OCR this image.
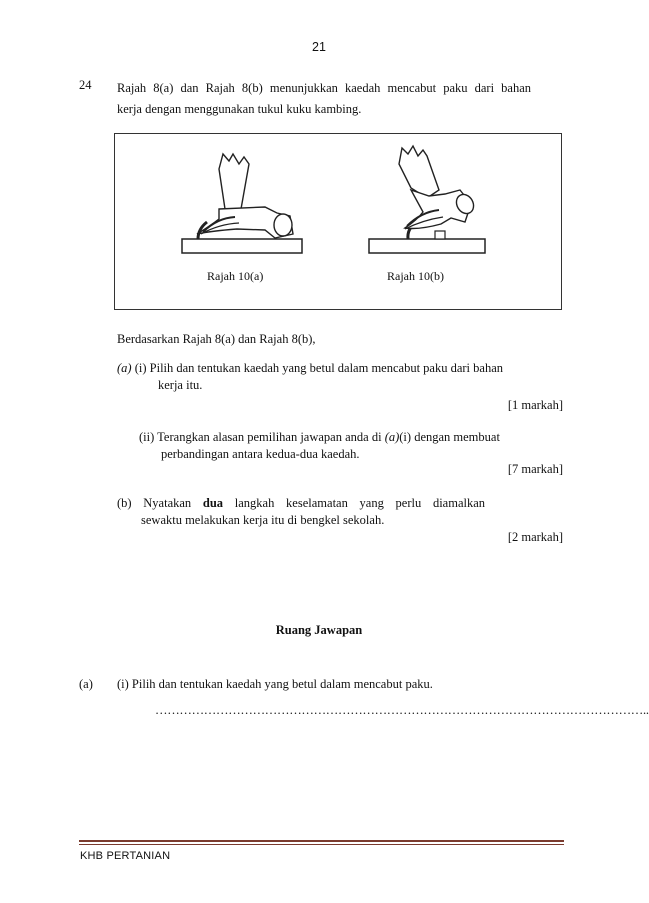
21
24 Rajah 8(a) dan Rajah 8(b) menunjukkan kaedah mencabut paku dari bahan
kerja dengan menggunakan tukul kuku kambing.
Rajah 10(a)	Rajah 10(b)
Berdasarkan Rajah 8(a) dan Rajah 8(b),
(a) (i) Pilih dan tentukan kaedah yang betul dalam mencabut paku dari bahan
kerja itu.
[1 markah]
(ii) Terangkan alasan pemilihan jawapan anda di (a)(i) dengan membuat
perbandingan antara kedua-dua kaedah.
[7 markah]
(b) Nyatakan dua langkah keselamatan yang perlu diamalkan
sewaktu melakukan kerja itu di bengkel sekolah.
[2 markah]
Ruang Jawapan
(a) (i) Pilih dan tentukan kaedah yang betul dalam mencabut paku.
…………………………………………………………………………………………………………..
KHB PERTANIAN
